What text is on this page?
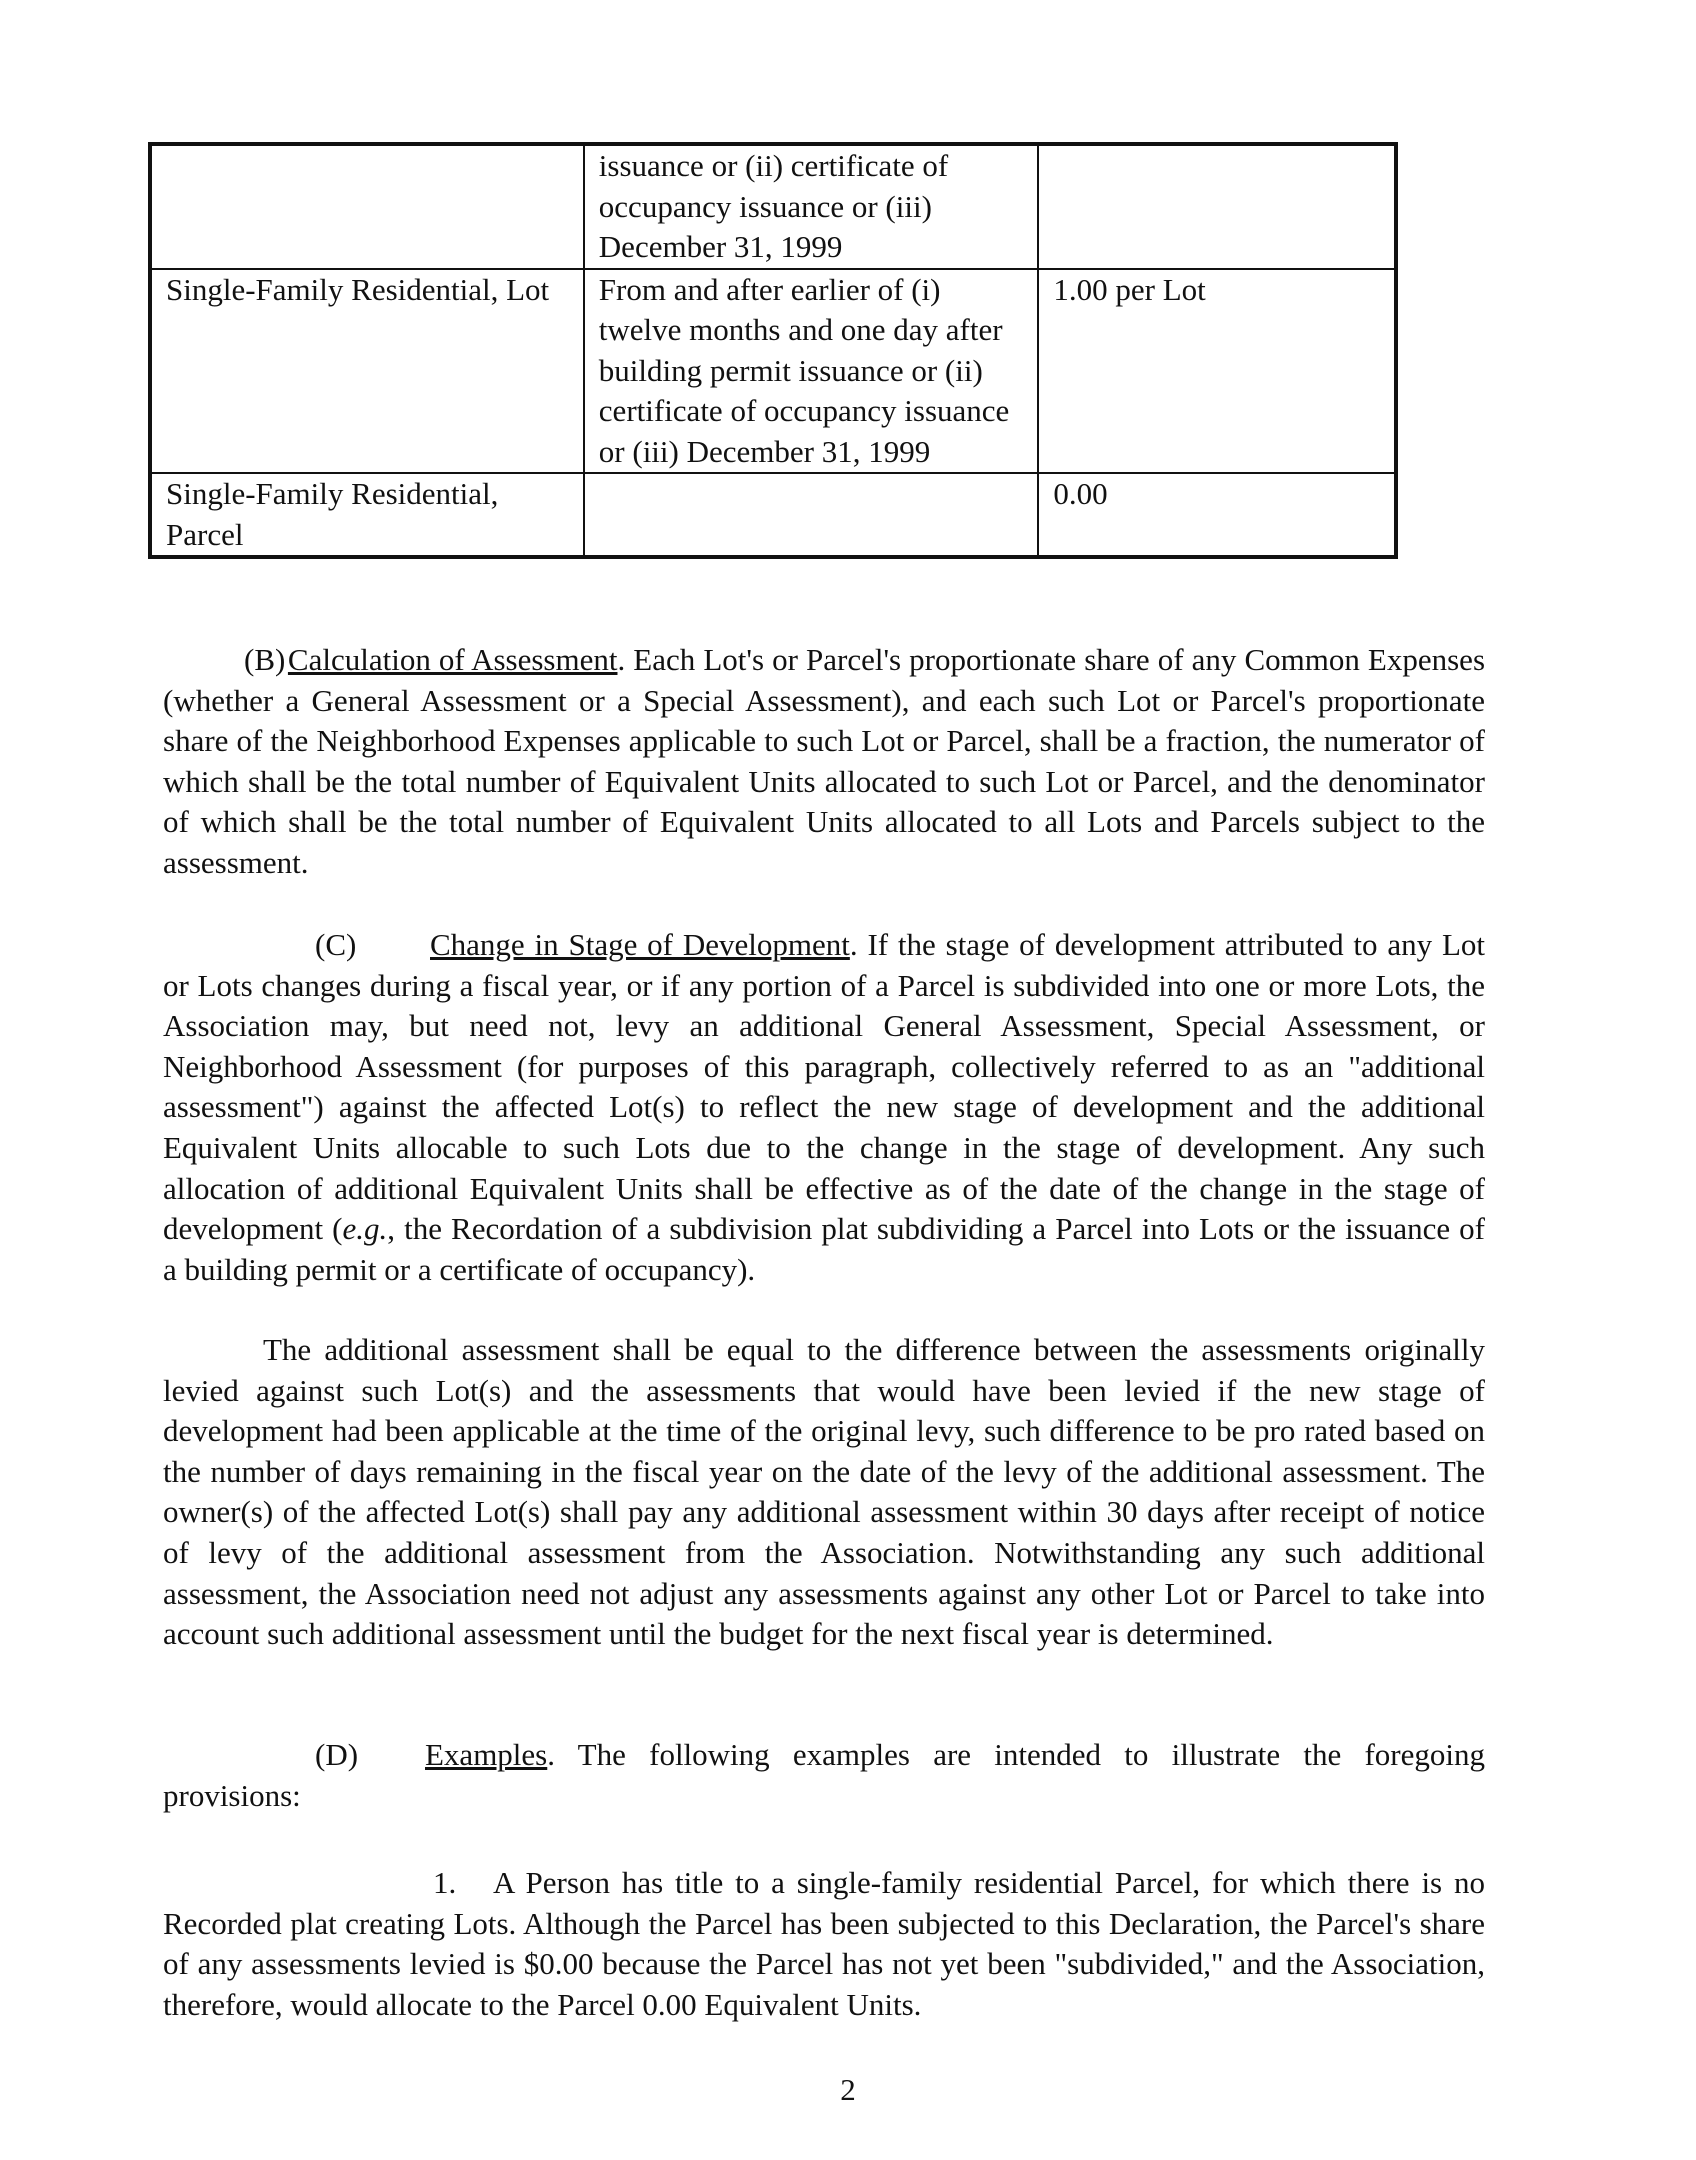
	issuance or (ii) certificate of occupancy issuance or (iii) December 31, 1999	
Single-Family Residential, Lot	From and after earlier of (i) twelve months and one day after building permit issuance or (ii) certificate of occupancy issuance or (iii) December 31, 1999	1.00 per Lot
Single-Family Residential, Parcel		0.00

(B) Calculation of Assessment. Each Lot's or Parcel's proportionate share of any Common Expenses (whether a General Assessment or a Special Assessment), and each such Lot or Parcel's proportionate share of the Neighborhood Expenses applicable to such Lot or Parcel, shall be a fraction, the numerator of which shall be the total number of Equivalent Units allocated to such Lot or Parcel, and the denominator of which shall be the total number of Equivalent Units allocated to all Lots and Parcels subject to the assessment.

(C) Change in Stage of Development. If the stage of development attributed to any Lot or Lots changes during a fiscal year, or if any portion of a Parcel is subdivided into one or more Lots, the Association may, but need not, levy an additional General Assessment, Special Assessment, or Neighborhood Assessment (for purposes of this paragraph, collectively referred to as an "additional assessment") against the affected Lot(s) to reflect the new stage of development and the additional Equivalent Units allocable to such Lots due to the change in the stage of development. Any such allocation of additional Equivalent Units shall be effective as of the date of the change in the stage of development (e.g., the Recordation of a subdivision plat subdividing a Parcel into Lots or the issuance of a building permit or a certificate of occupancy).

The additional assessment shall be equal to the difference between the assessments originally levied against such Lot(s) and the assessments that would have been levied if the new stage of development had been applicable at the time of the original levy, such difference to be pro rated based on the number of days remaining in the fiscal year on the date of the levy of the additional assessment. The owner(s) of the affected Lot(s) shall pay any additional assessment within 30 days after receipt of notice of levy of the additional assessment from the Association. Notwithstanding any such additional assessment, the Association need not adjust any assessments against any other Lot or Parcel to take into account such additional assessment until the budget for the next fiscal year is determined.

(D) Examples. The following examples are intended to illustrate the foregoing provisions:

1. A Person has title to a single-family residential Parcel, for which there is no Recorded plat creating Lots. Although the Parcel has been subjected to this Declaration, the Parcel's share of any assessments levied is $0.00 because the Parcel has not yet been "subdivided," and the Association, therefore, would allocate to the Parcel 0.00 Equivalent Units.

2
